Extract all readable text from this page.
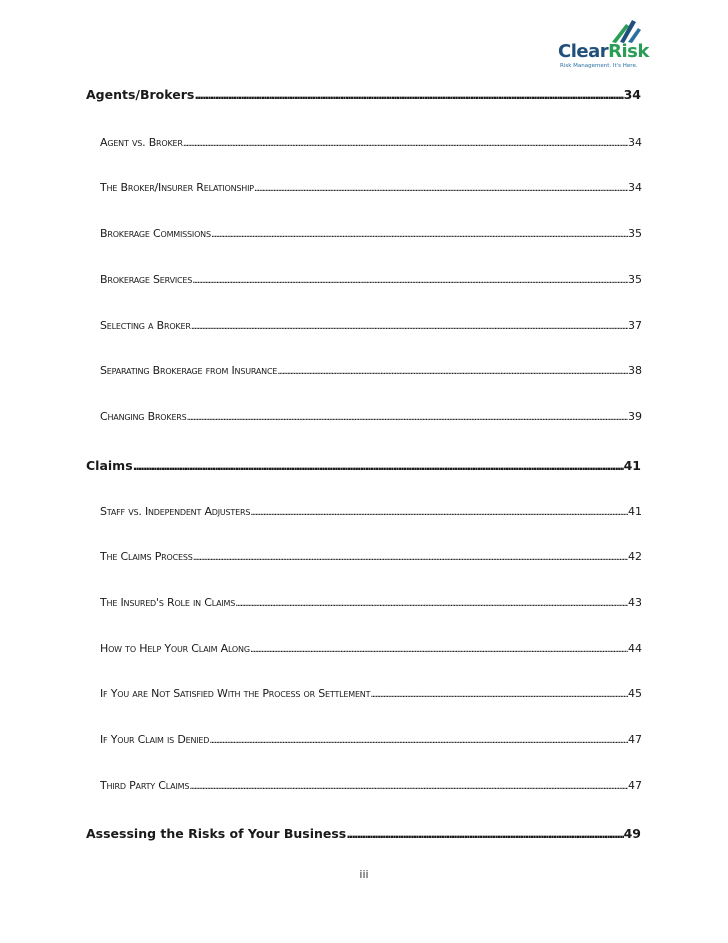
ClearRisk
Risk Management. It's Here.
Agents/Brokers .....	34
Agent vs. Broker .....	34
The Broker/Insurer Relationship .....	34
Brokerage Commissions .....	35
Brokerage Services .....	35
Selecting a Broker .....	37
Separating Brokerage from Insurance .....	38
Changing Brokers .....	39
Claims .....	41
Staff vs. Independent Adjusters .....	41
The Claims Process .....	42
The Insured's Role in Claims .....	43
How to Help Your Claim Along .....	44
If You are Not Satisfied With the Process or Settlement .....	45
If Your Claim is Denied .....	47
Third Party Claims .....	47
Assessing the Risks of Your Business .....	49
iii
